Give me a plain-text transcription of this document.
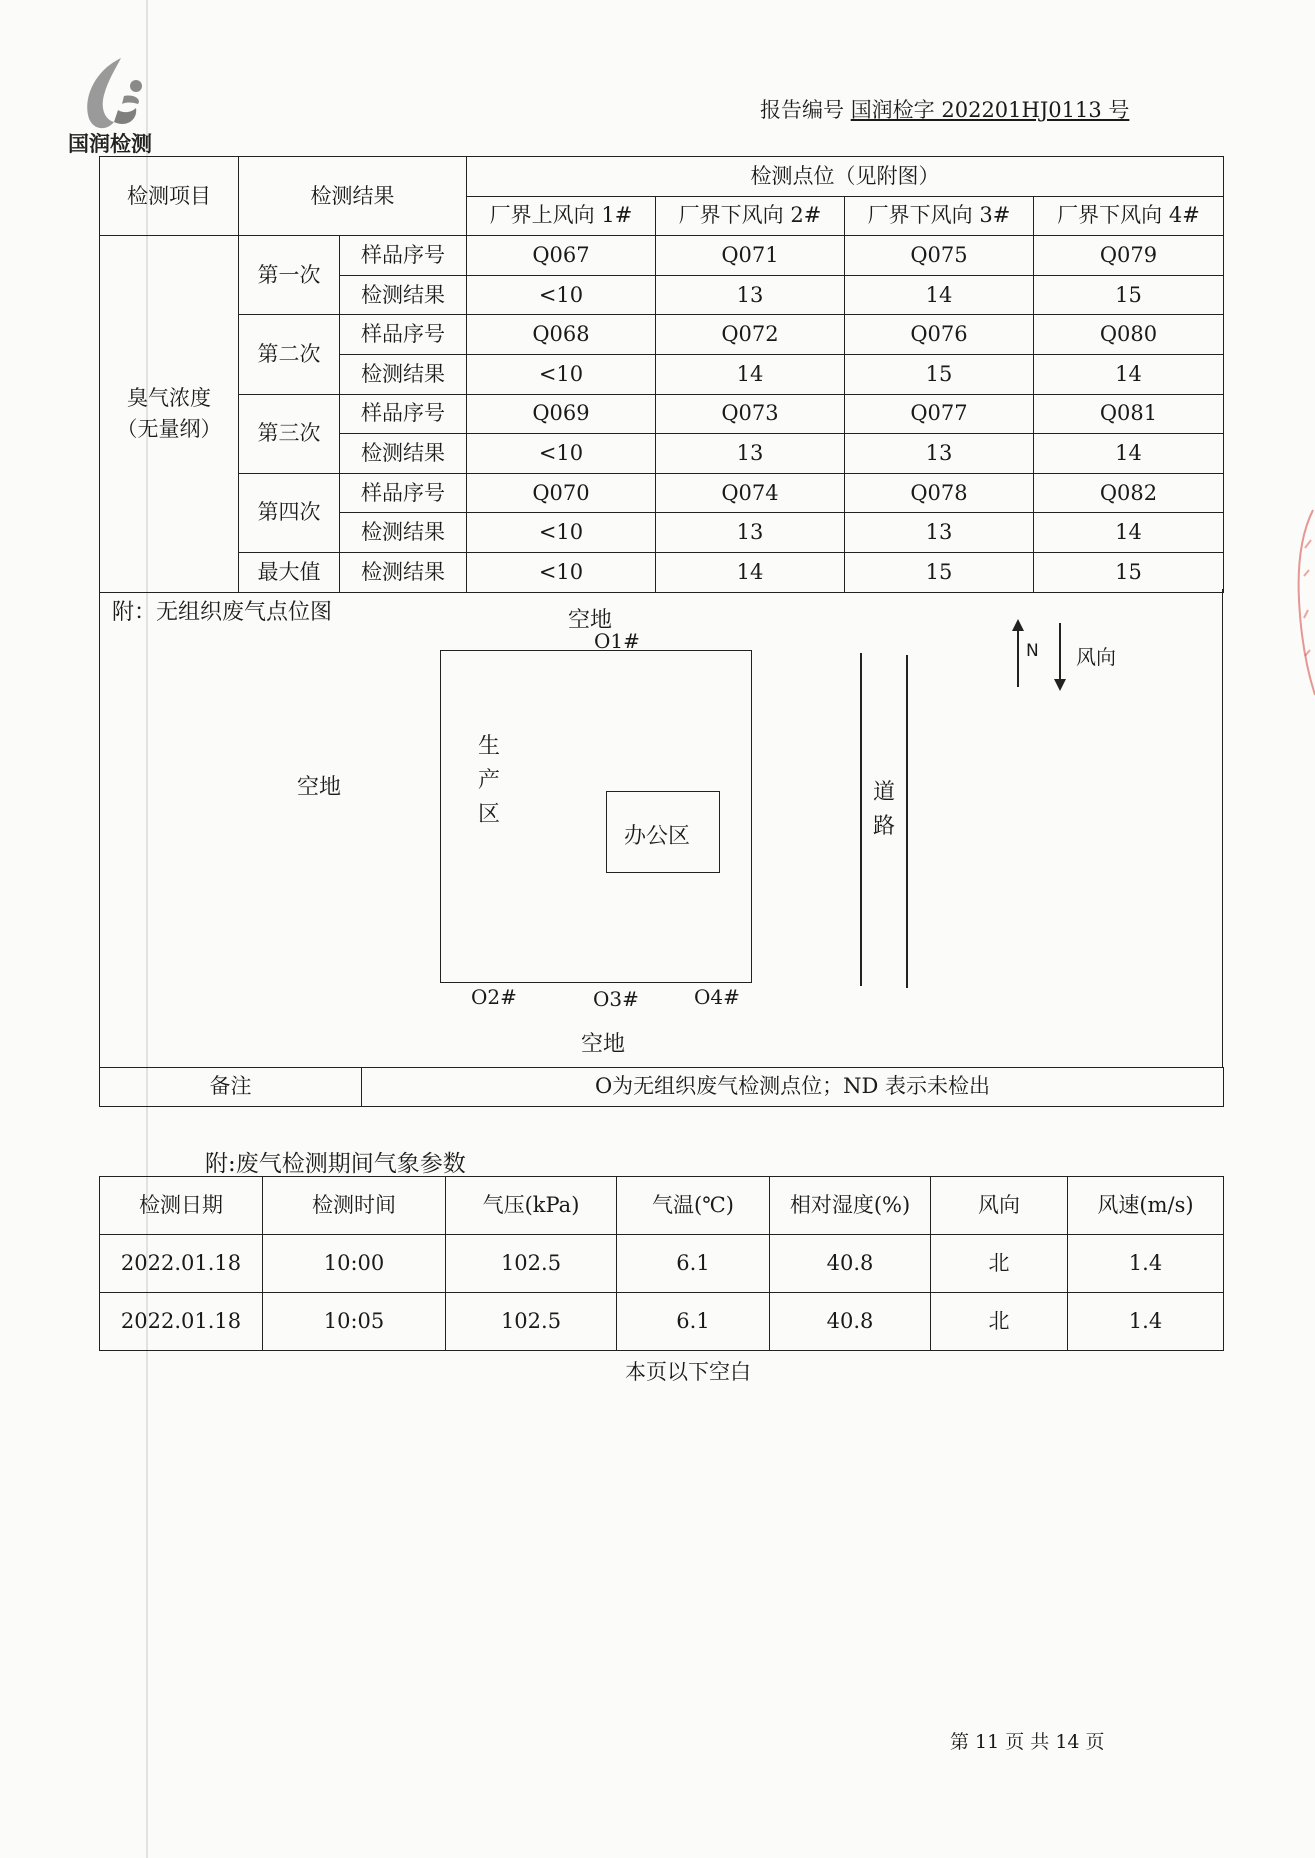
国润检测
报告编号 国润检字 202201HJ0113 号
检测项目	检测结果		检测点位（见附图）			
			厂界上风向 1#	厂界下风向 2#	厂界下风向 3#	厂界下风向 4#

臭气浓度
（无量纲）	第一次	样品序号	Q067	Q071	Q075	Q079
		检测结果	<10	13	14	15
	第二次	样品序号	Q068	Q072	Q076	Q080
		检测结果	<10	14	15	14
	第三次	样品序号	Q069	Q073	Q077	Q081
		检测结果	<10	13	13	14
	第四次	样品序号	Q070	Q074	Q078	Q082
		检测结果	<10	13	13	14
	最大值	检测结果	<10	14	15	15
附：无组织废气点位图	空地
O1#
空地
生
产
区
办公区
道
路
N 风向
O2#	O3#	O4#
空地
备注	O为无组织废气检测点位；ND 表示未检出
附:废气检测期间气象参数
检测日期	检测时间	气压(kPa)	气温(℃)	相对湿度(%)	风向	风速(m/s)
2022.01.18	10:00	102.5	6.1	40.8	北	1.4
2022.01.18	10:05	102.5	6.1	40.8	北	1.4
本页以下空白
第 11 页 共 14 页
